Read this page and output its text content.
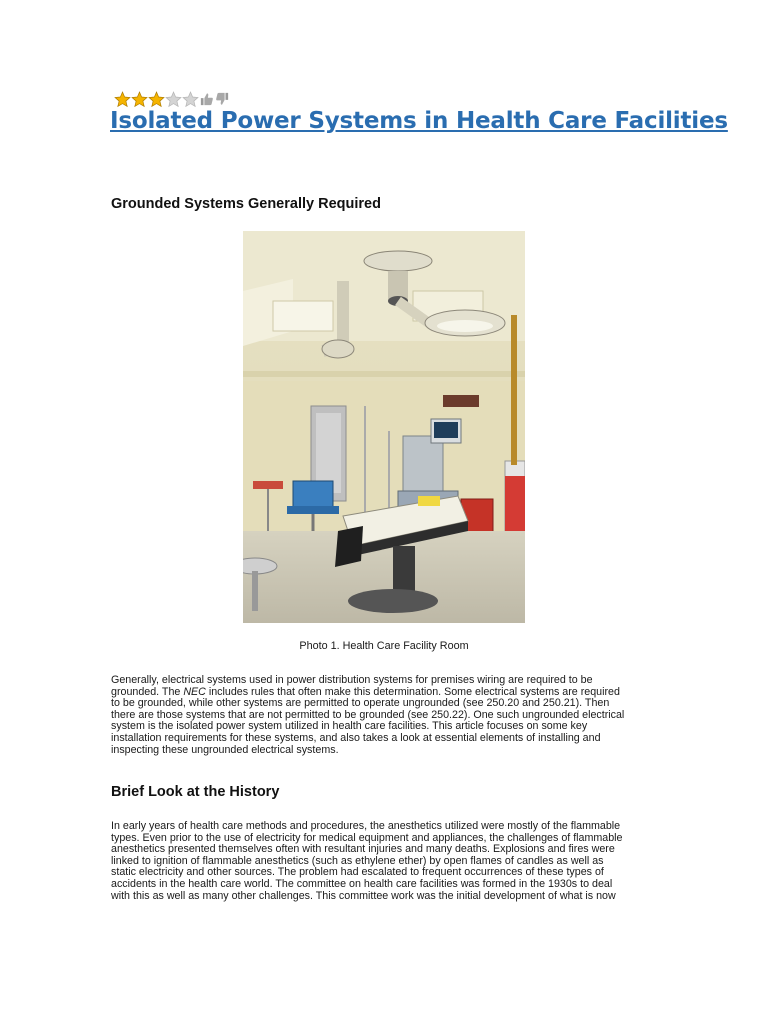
Isolated Power Systems in Health Care Facilities
Grounded Systems Generally Required
Photo 1. Health Care Facility Room
Generally, electrical systems used in power distribution systems for premises wiring are required to be
grounded. The NEC includes rules that often make this determination. Some electrical systems are required
to be grounded, while other systems are permitted to operate ungrounded (see 250.20 and 250.21). Then
there are those systems that are not permitted to be grounded (see 250.22). One such ungrounded electrical
system is the isolated power system utilized in health care facilities. This article focuses on some key
installation requirements for these systems, and also takes a look at essential elements of installing and
inspecting these ungrounded electrical systems.
Brief Look at the History
In early years of health care methods and procedures, the anesthetics utilized were mostly of the flammable
types. Even prior to the use of electricity for medical equipment and appliances, the challenges of flammable
anesthetics presented themselves often with resultant injuries and many deaths. Explosions and fires were
linked to ignition of flammable anesthetics (such as ethylene ether) by open flames of candles as well as
static electricity and other sources. The problem had escalated to frequent occurrences of these types of
accidents in the health care world. The committee on health care facilities was formed in the 1930s to deal
with this as well as many other challenges. This committee work was the initial development of what is now
